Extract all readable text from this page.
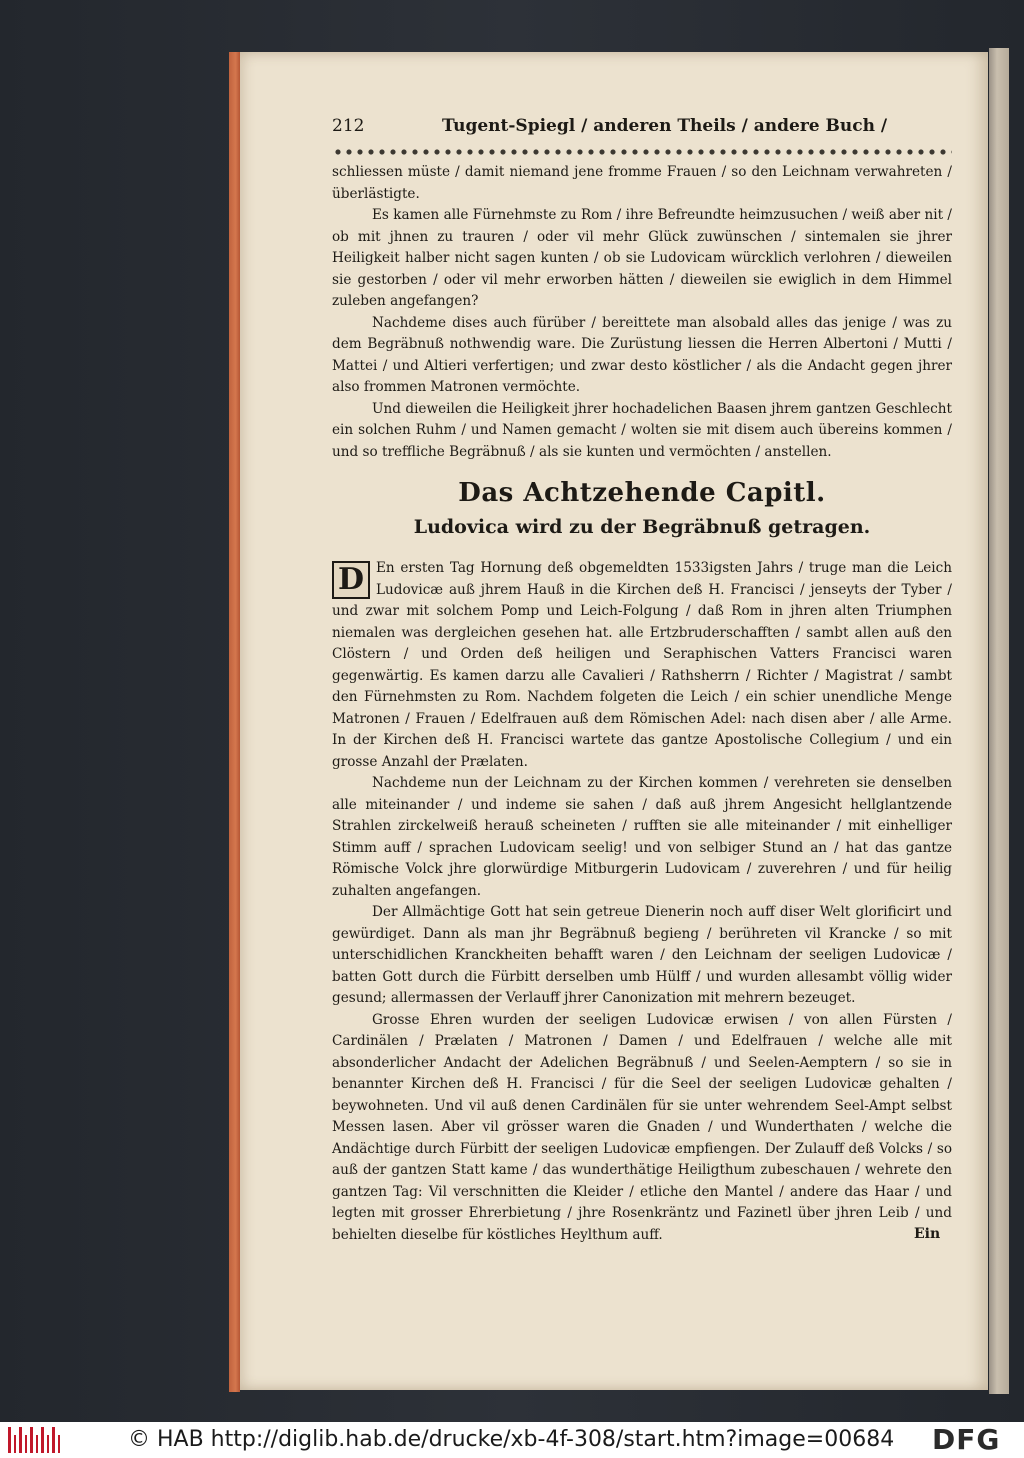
212	Tugent-Spiegl / anderen Theils / andere Buch /

schliessen müste / damit niemand jene fromme Frauen / so den Leichnam verwahreten / überlästigte.

Es kamen alle Fürnehmste zu Rom / ihre Befreundte heimzusuchen / weiß aber nit / ob mit jhnen zu trauren / oder vil mehr Glück zuwünschen / sintemalen sie jhrer Heiligkeit halber nicht sagen kunten / ob sie Ludovicam würcklich verlohren / dieweilen sie gestorben / oder vil mehr erworben hätten / dieweilen sie ewiglich in dem Himmel zuleben angefangen?

Nachdeme dises auch fürüber / bereittete man alsobald alles das jenige / was zu dem Begräbnuß nothwendig ware. Die Zurüstung liessen die Herren Albertoni / Mutti / Mattei / und Altieri verfertigen; und zwar desto köstlicher / als die Andacht gegen jhrer also frommen Matronen vermöchte.

Und dieweilen die Heiligkeit jhrer hochadelichen Baasen jhrem gantzen Geschlecht ein solchen Ruhm / und Namen gemacht / wolten sie mit disem auch übereins kommen / und so treffliche Begräbnuß / als sie kunten und vermöchten / anstellen.

Das Achtzehende Capitl.
Ludovica wird zu der Begräbnuß getragen.

D En ersten Tag Hornung deß obgemeldten 1533igsten Jahrs / truge man die Leich Ludovicæ auß jhrem Hauß in die Kirchen deß H. Francisci / jenseyts der Tyber / und zwar mit solchem Pomp und Leich-Folgung / daß Rom in jhren alten Triumphen niemalen was dergleichen gesehen hat. alle Ertzbruderschafften / sambt allen auß den Clöstern / und Orden deß heiligen und Seraphischen Vatters Francisci waren gegenwärtig. Es kamen darzu alle Cavalieri / Rathsherrn / Richter / Magistrat / sambt den Fürnehmsten zu Rom. Nachdem folgeten die Leich / ein schier unendliche Menge Matronen / Frauen / Edelfrauen auß dem Römischen Adel: nach disen aber / alle Arme. In der Kirchen deß H. Francisci wartete das gantze Apostolische Collegium / und ein grosse Anzahl der Prælaten.

Nachdeme nun der Leichnam zu der Kirchen kommen / verehreten sie denselben alle miteinander / und indeme sie sahen / daß auß jhrem Angesicht hellglantzende Strahlen zirckelweiß herauß scheineten / rufften sie alle miteinander / mit einhelliger Stimm auff / sprachen Ludovicam seelig! und von selbiger Stund an / hat das gantze Römische Volck jhre glorwürdige Mitburgerin Ludovicam / zuverehren / und für heilig zuhalten angefangen.

Der Allmächtige Gott hat sein getreue Dienerin noch auff diser Welt glorificirt und gewürdiget. Dann als man jhr Begräbnuß begieng / berühreten vil Krancke / so mit unterschidlichen Kranckheiten behafft waren / den Leichnam der seeligen Ludovicæ / batten Gott durch die Fürbitt derselben umb Hülff / und wurden allesambt völlig wider gesund; allermassen der Verlauff jhrer Canonization mit mehrern bezeuget.

Grosse Ehren wurden der seeligen Ludovicæ erwisen / von allen Fürsten / Cardinälen / Prælaten / Matronen / Damen / und Edelfrauen / welche alle mit absonderlicher Andacht der Adelichen Begräbnuß / und Seelen-Aemptern / so sie in benannter Kirchen deß H. Francisci / für die Seel der seeligen Ludovicæ gehalten / beywohneten. Und vil auß denen Cardinälen für sie unter wehrendem Seel-Ampt selbst Messen lasen. Aber vil grösser waren die Gnaden / und Wunderthaten / welche die Andächtige durch Fürbitt der seeligen Ludovicæ empfiengen. Der Zulauff deß Volcks / so auß der gantzen Statt kame / das wunderthätige Heiligthum zubeschauen / wehrete den gantzen Tag: Vil verschnitten die Kleider / etliche den Mantel / andere das Haar / und legten mit grosser Ehrerbietung / jhre Rosenkräntz und Fazinetl über jhren Leib / und behielten dieselbe für köstliches Heylthum auff.	Ein
© HAB http://diglib.hab.de/drucke/xb-4f-308/start.htm?image=00684 DFG
